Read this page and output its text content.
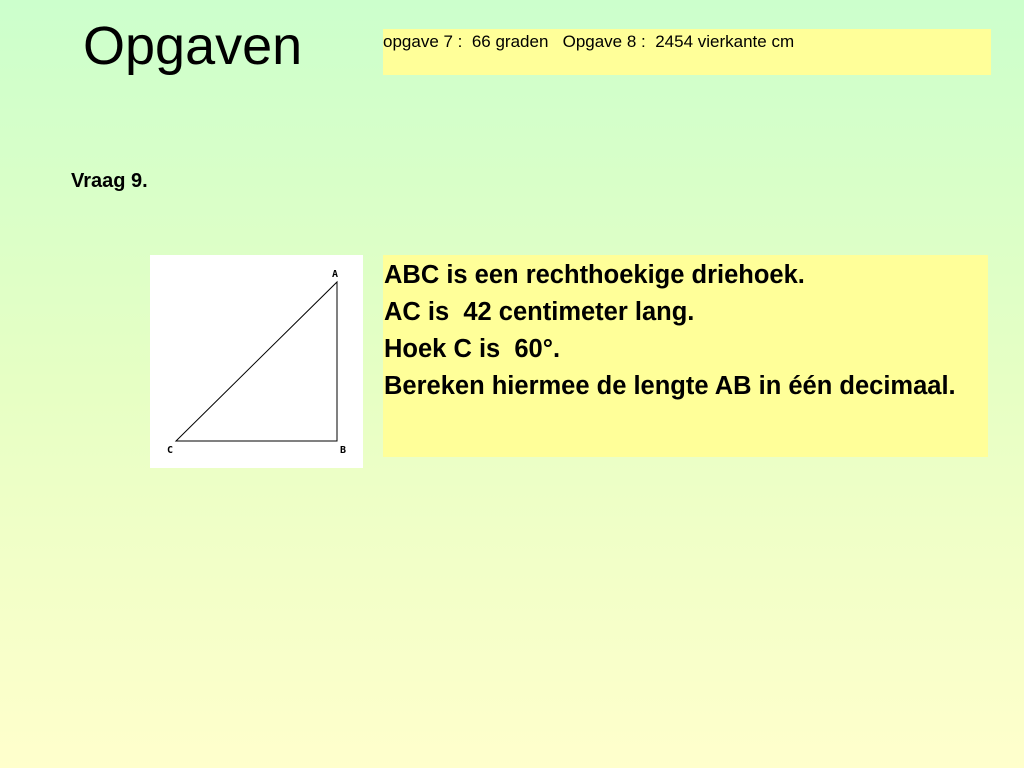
Opgaven	opgave 7 :  66 graden Opgave 8 :  2454 vierkante cm
Vraag 9.
A
B
C
ABC is een rechthoekige driehoek.
AC is  42 centimeter lang.
Hoek C is  60°.
Bereken hiermee de lengte AB in één decimaal.
